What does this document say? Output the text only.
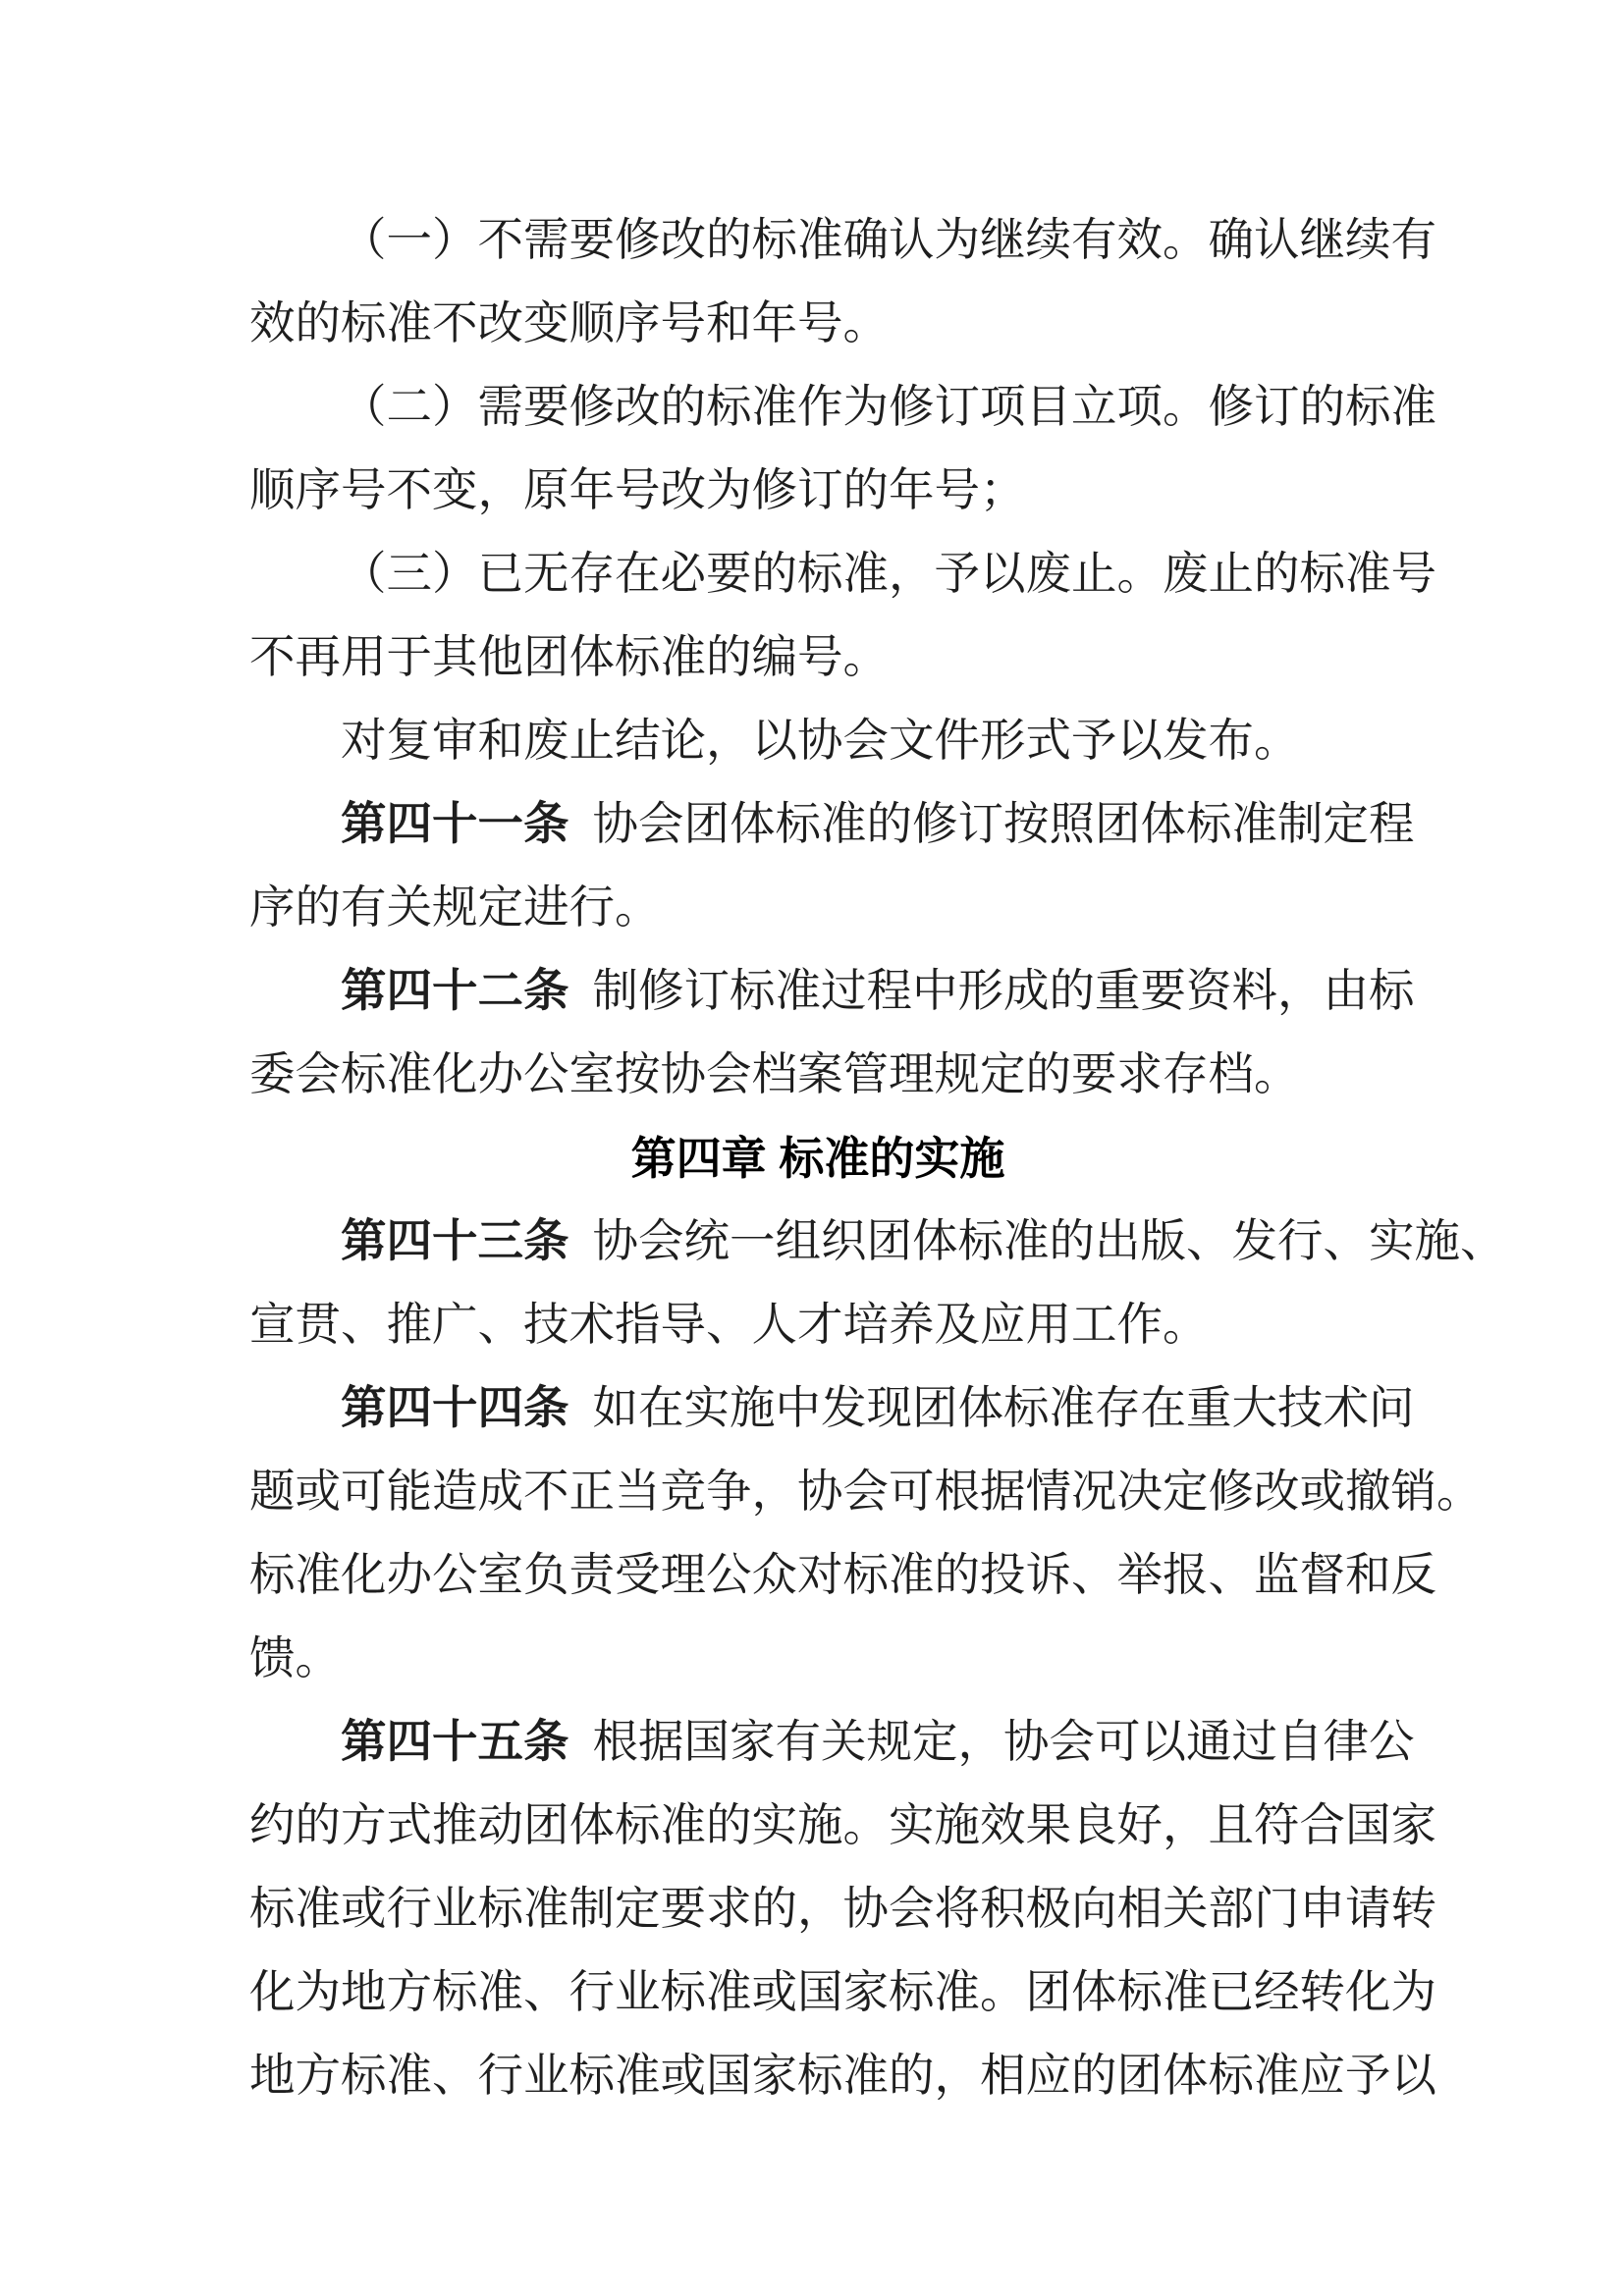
（一）不需要修改的标准确认为继续有效。确认继续有
效的标准不改变顺序号和年号。
（二）需要修改的标准作为修订项目立项。修订的标准
顺序号不变，原年号改为修订的年号；
（三）已无存在必要的标准，予以废止。废止的标准号
不再用于其他团体标准的编号。
对复审和废止结论，以协会文件形式予以发布。
第四十一条 协会团体标准的修订按照团体标准制定程
序的有关规定进行。
第四十二条 制修订标准过程中形成的重要资料，由标
委会标准化办公室按协会档案管理规定的要求存档。
第四章 标准的实施
第四十三条 协会统一组织团体标准的出版、发行、实施、
宣贯、推广、技术指导、人才培养及应用工作。
第四十四条 如在实施中发现团体标准存在重大技术问
题或可能造成不正当竞争，协会可根据情况决定修改或撤销。
标准化办公室负责受理公众对标准的投诉、举报、监督和反
馈。
第四十五条 根据国家有关规定，协会可以通过自律公
约的方式推动团体标准的实施。实施效果良好，且符合国家
标准或行业标准制定要求的，协会将积极向相关部门申请转
化为地方标准、行业标准或国家标准。团体标准已经转化为
地方标准、行业标准或国家标准的，相应的团体标准应予以
